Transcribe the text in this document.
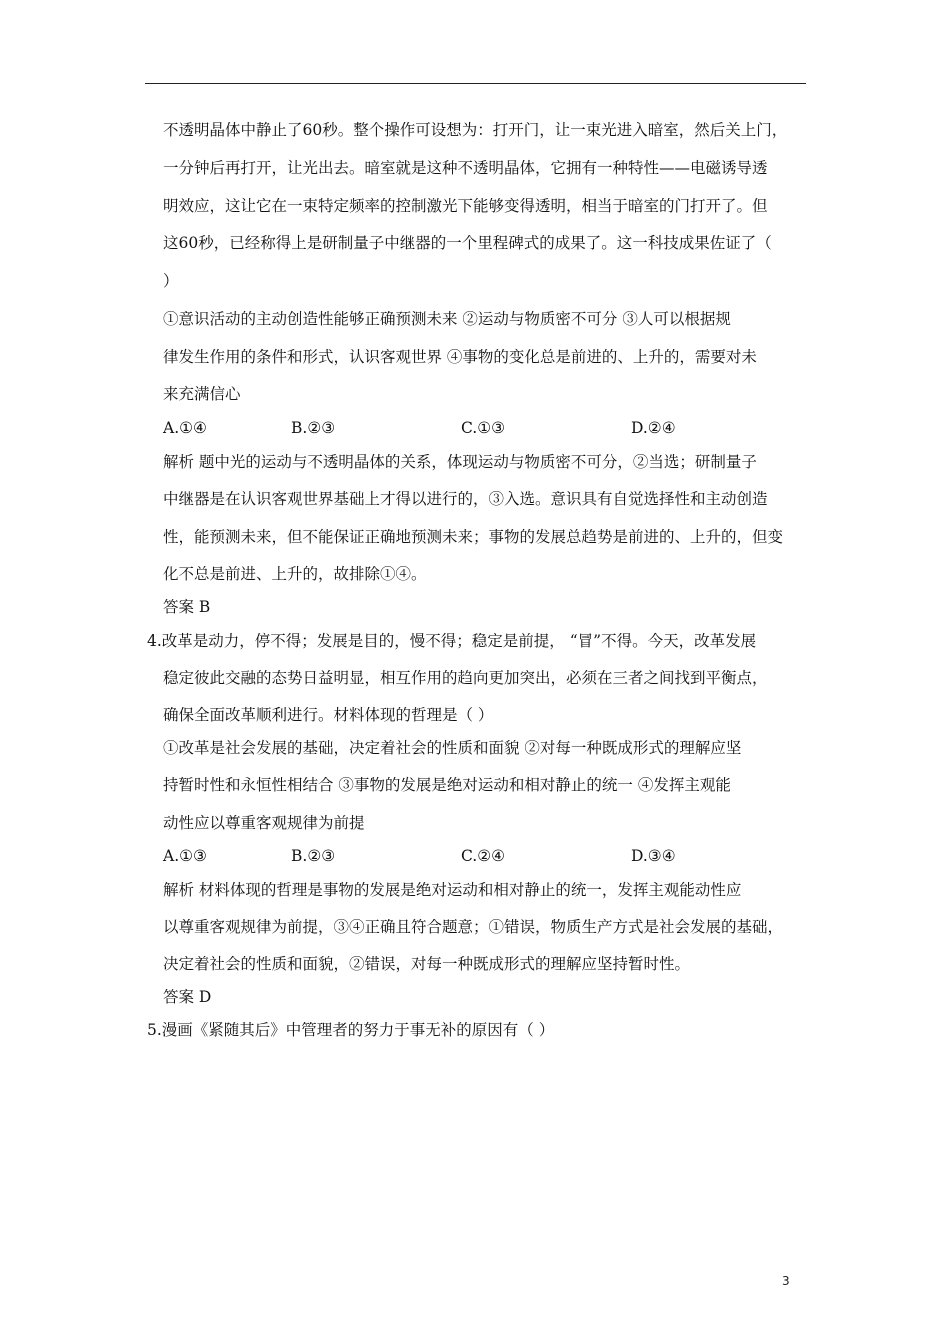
不透明晶体中静止了60秒。整个操作可设想为：打开门，让一束光进入暗室，然后关上门，
一分钟后再打开，让光出去。暗室就是这种不透明晶体，它拥有一种特性——电磁诱导透
明效应，这让它在一束特定频率的控制激光下能够变得透明，相当于暗室的门打开了。但
这60秒，已经称得上是研制量子中继器的一个里程碑式的成果了。这一科技成果佐证了（
）
①意识活动的主动创造性能够正确预测未来 ②运动与物质密不可分 ③人可以根据规
律发生作用的条件和形式，认识客观世界 ④事物的变化总是前进的、上升的，需要对未
来充满信心
A.①④	B.②③	C.①③	D.②④
解析 题中光的运动与不透明晶体的关系，体现运动与物质密不可分，②当选；研制量子
中继器是在认识客观世界基础上才得以进行的，③入选。意识具有自觉选择性和主动创造
性，能预测未来，但不能保证正确地预测未来；事物的发展总趋势是前进的、上升的，但变
化不总是前进、上升的，故排除①④。
答案 B
4.改革是动力，停不得；发展是目的，慢不得；稳定是前提， “冒”不得。今天，改革发展
稳定彼此交融的态势日益明显，相互作用的趋向更加突出，必须在三者之间找到平衡点，
确保全面改革顺利进行。材料体现的哲理是（ ）
①改革是社会发展的基础，决定着社会的性质和面貌 ②对每一种既成形式的理解应坚
持暂时性和永恒性相结合 ③事物的发展是绝对运动和相对静止的统一 ④发挥主观能
动性应以尊重客观规律为前提
A.①③	B.②③	C.②④	D.③④
解析 材料体现的哲理是事物的发展是绝对运动和相对静止的统一，发挥主观能动性应
以尊重客观规律为前提，③④正确且符合题意；①错误，物质生产方式是社会发展的基础，
决定着社会的性质和面貌，②错误，对每一种既成形式的理解应坚持暂时性。
答案 D
5.漫画《紧随其后》中管理者的努力于事无补的原因有（ ）
3
